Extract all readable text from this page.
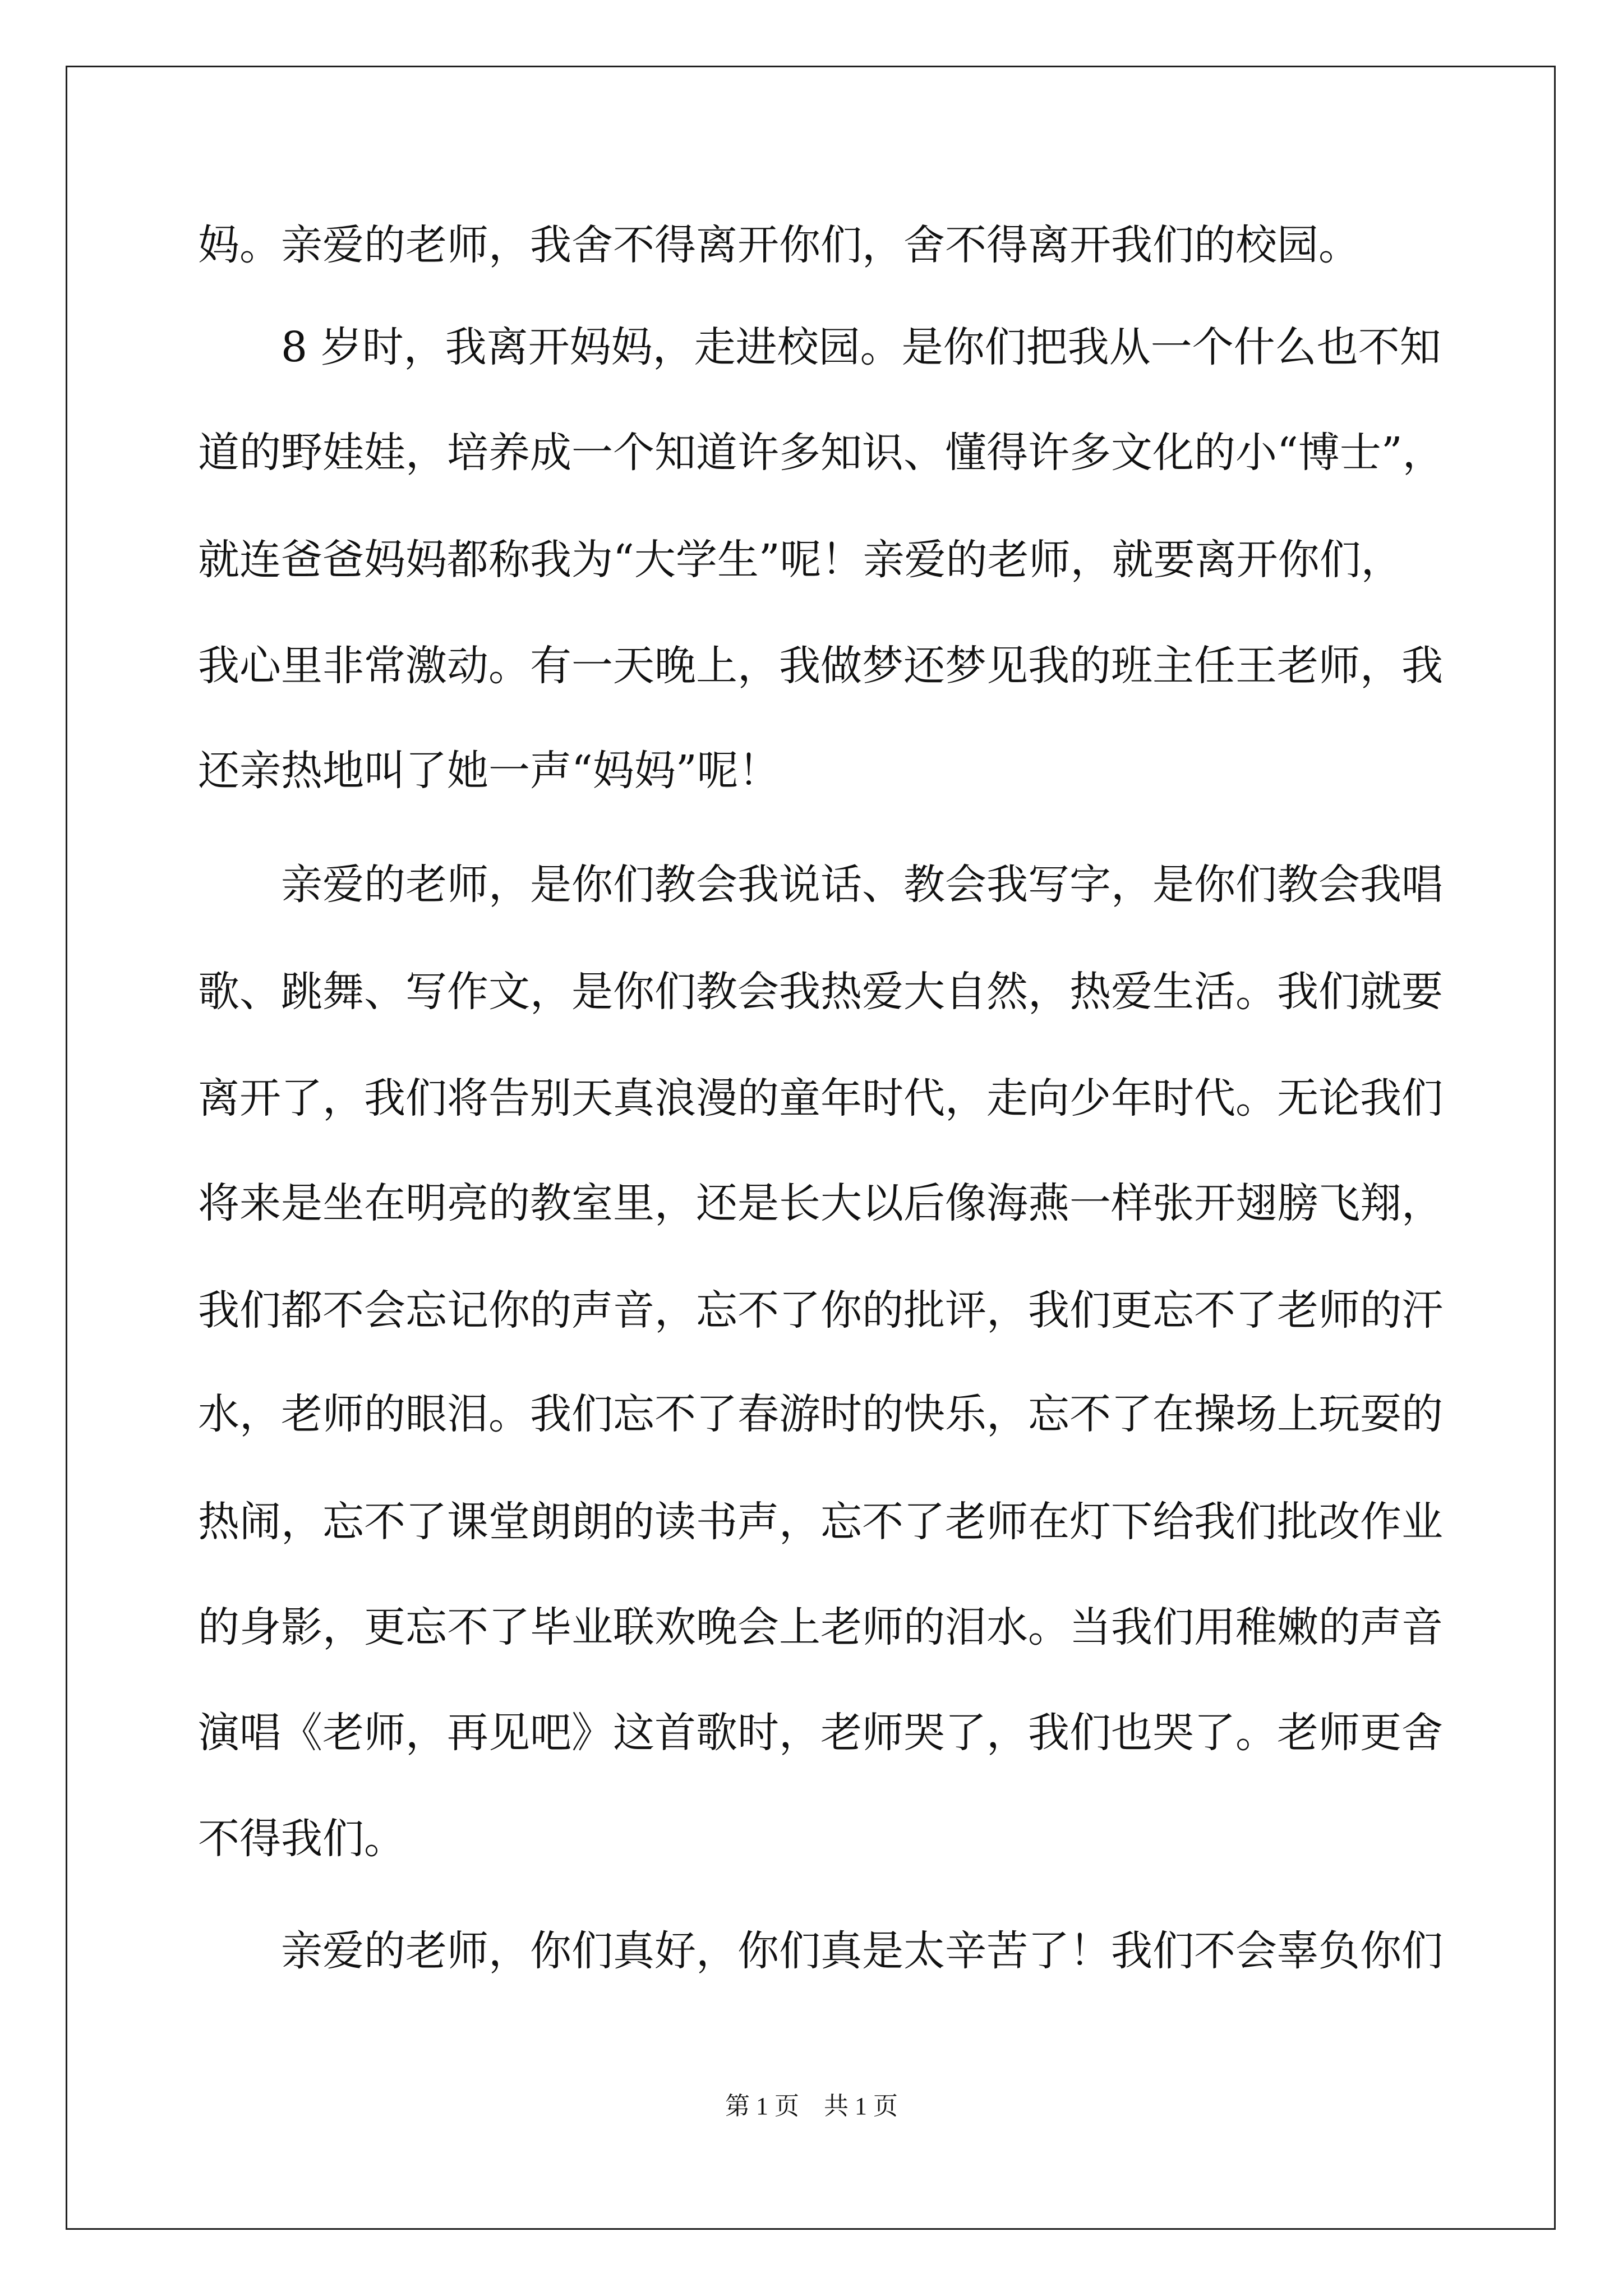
妈。亲爱的老师，我舍不得离开你们，舍不得离开我们的校园。

　　8 岁时，我离开妈妈，走进校园。是你们把我从一个什么也不知

道的野娃娃，培养成一个知道许多知识、懂得许多文化的小“博士”，

就连爸爸妈妈都称我为“大学生”呢！亲爱的老师，就要离开你们，

我心里非常激动。有一天晚上，我做梦还梦见我的班主任王老师，我

还亲热地叫了她一声“妈妈”呢！

　　亲爱的老师，是你们教会我说话、教会我写字，是你们教会我唱

歌、跳舞、写作文，是你们教会我热爱大自然，热爱生活。我们就要

离开了，我们将告别天真浪漫的童年时代，走向少年时代。无论我们

将来是坐在明亮的教室里，还是长大以后像海燕一样张开翅膀飞翔，

我们都不会忘记你的声音，忘不了你的批评，我们更忘不了老师的汗

水，老师的眼泪。我们忘不了春游时的快乐，忘不了在操场上玩耍的

热闹，忘不了课堂朗朗的读书声，忘不了老师在灯下给我们批改作业

的身影，更忘不了毕业联欢晚会上老师的泪水。当我们用稚嫩的声音

演唱《老师，再见吧》这首歌时，老师哭了，我们也哭了。老师更舍

不得我们。

　　亲爱的老师，你们真好，你们真是太辛苦了！我们不会辜负你们

第 1 页　共 1 页
